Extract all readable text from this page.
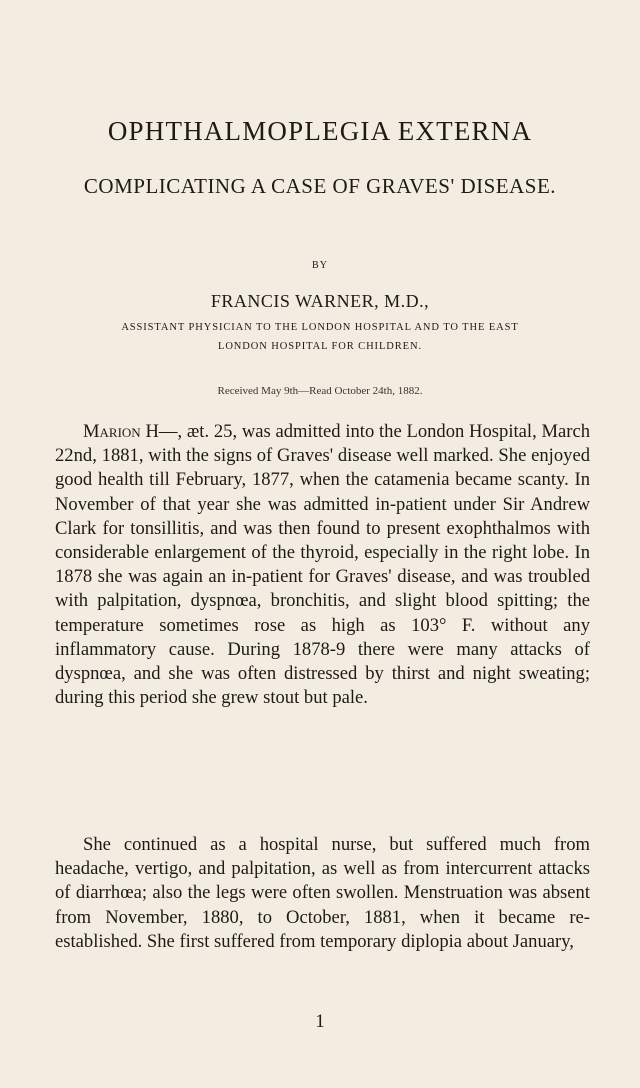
OPHTHALMOPLEGIA EXTERNA
COMPLICATING A CASE OF GRAVES' DISEASE.
BY
FRANCIS WARNER, M.D.,
ASSISTANT PHYSICIAN TO THE LONDON HOSPITAL AND TO THE EAST
LONDON HOSPITAL FOR CHILDREN.
Received May 9th—Read October 24th, 1882.
Marion H—, æt. 25, was admitted into the London Hospital, March 22nd, 1881, with the signs of Graves' disease well marked. She enjoyed good health till February, 1877, when the catamenia became scanty. In November of that year she was admitted in-patient under Sir Andrew Clark for tonsillitis, and was then found to present exophthalmos with considerable enlargement of the thyroid, especially in the right lobe. In 1878 she was again an in-patient for Graves' disease, and was troubled with palpitation, dyspnœa, bronchitis, and slight blood spitting; the temperature sometimes rose as high as 103° F. without any inflammatory cause. During 1878-9 there were many attacks of dyspnœa, and she was often distressed by thirst and night sweating; during this period she grew stout but pale.
She continued as a hospital nurse, but suffered much from headache, vertigo, and palpitation, as well as from intercurrent attacks of diarrhœa; also the legs were often swollen. Menstruation was absent from November, 1880, to October, 1881, when it became re-established. She first suffered from temporary diplopia about January,
1
